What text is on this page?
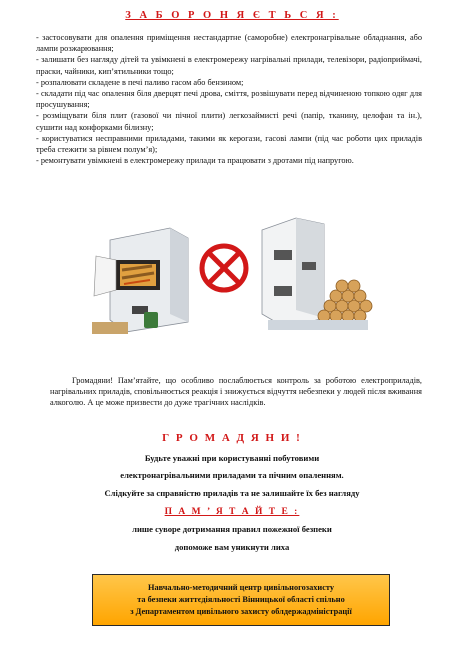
З А Б О Р О Н Я Є Т Ь С Я :

- застосовувати для опалення приміщення нестандартне (саморобне) електронагрівальне обладнання, або лампи розжарювання;

- залишати без нагляду дітей та увімкнені в електромережу нагрівальні прилади, телевізори, радіоприймачі, праски, чайники, кип’ятильники тощо;

- розпалювати складене в печі паливо гасом або бензином;

- складати під час опалення біля дверцят печі дрова, сміття, розвішувати перед відчиненою топкою одяг для просушування;

- розміщувати біля плит (газової чи пічної плити) легкозаймисті речі (папір, тканину, целофан та ін.), сушити над конфорками білизну;

- користуватися несправними приладами, такими як керогази, гасові лампи (під час роботи цих приладів треба стежити за рівнем полум’я);

- ремонтувати увімкнені в електромережу прилади та працювати з дротами під напругою.

Громадяни! Пам’ятайте, що особливо послаблюється контроль за роботою електроприладів, нагрівальних приладів, сповільнюється реакція і знижується відчуття небезпеки у людей після вживання алкоголю. А це може призвести до дуже трагічних наслідків.
Г Р О М А Д Я Н И !
Будьте уважні при користуванні побутовими
електронагрівальними приладами та пічним опаленням.
Слідкуйте за справністю приладів та не залишайте їх без нагляду
П А М ’ Я Т А Й Т Е :
лише суворе дотримання правил пожежної безпеки
допоможе вам уникнути лиха
Навчально-методичний центр цивільногозахисту
та безпеки життєдіяльності Вінницької області спільно
з Департаментом цивільного захисту облдержадміністрації
